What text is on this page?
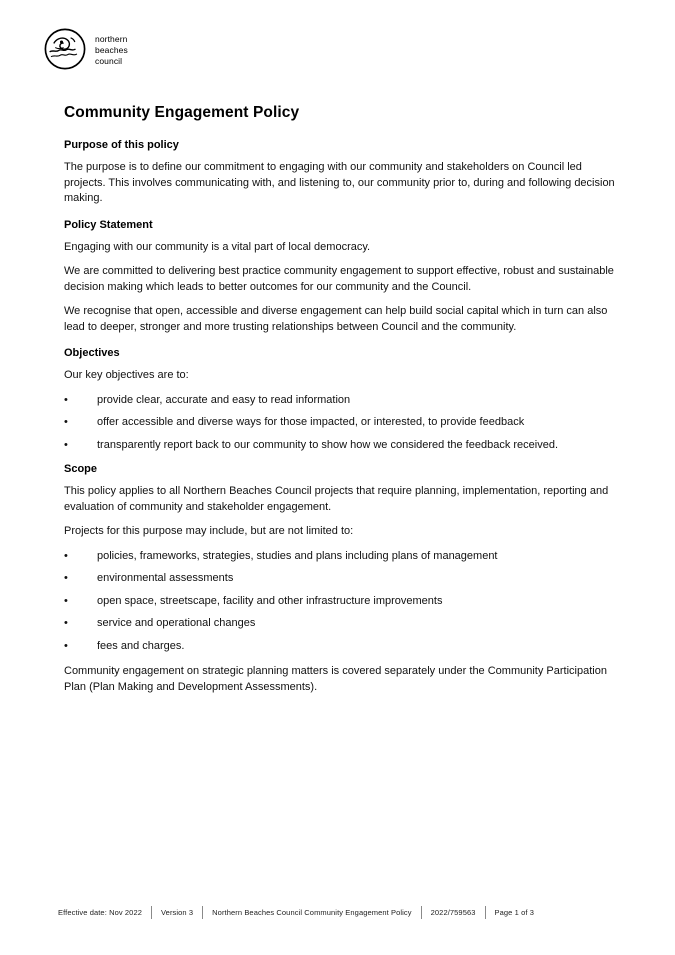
northern
beaches
council
Community Engagement Policy
Purpose of this policy

The purpose is to define our commitment to engaging with our community and stakeholders on Council led projects. This involves communicating with, and listening to, our community prior to, during and following decision making.

Policy Statement

Engaging with our community is a vital part of local democracy.

We are committed to delivering best practice community engagement to support effective, robust and sustainable decision making which leads to better outcomes for our community and the Council.

We recognise that open, accessible and diverse engagement can help build social capital which in turn can also lead to deeper, stronger and more trusting relationships between Council and the community.

Objectives

Our key objectives are to:

•	provide clear, accurate and easy to read information
•	offer accessible and diverse ways for those impacted, or interested, to provide feedback
•	transparently report back to our community to show how we considered the feedback received.
Scope

This policy applies to all Northern Beaches Council projects that require planning, implementation, reporting and evaluation of community and stakeholder engagement.

Projects for this purpose may include, but are not limited to:

•	policies, frameworks, strategies, studies and plans including plans of management
•	environmental assessments
•	open space, streetscape, facility and other infrastructure improvements
•	service and operational changes
•	fees and charges.

Community engagement on strategic planning matters is covered separately under the Community Participation Plan (Plan Making and Development Assessments).

Effective date: Nov 2022	Version 3	Northern Beaches Council Community Engagement Policy	2022/759563	Page 1 of 3
